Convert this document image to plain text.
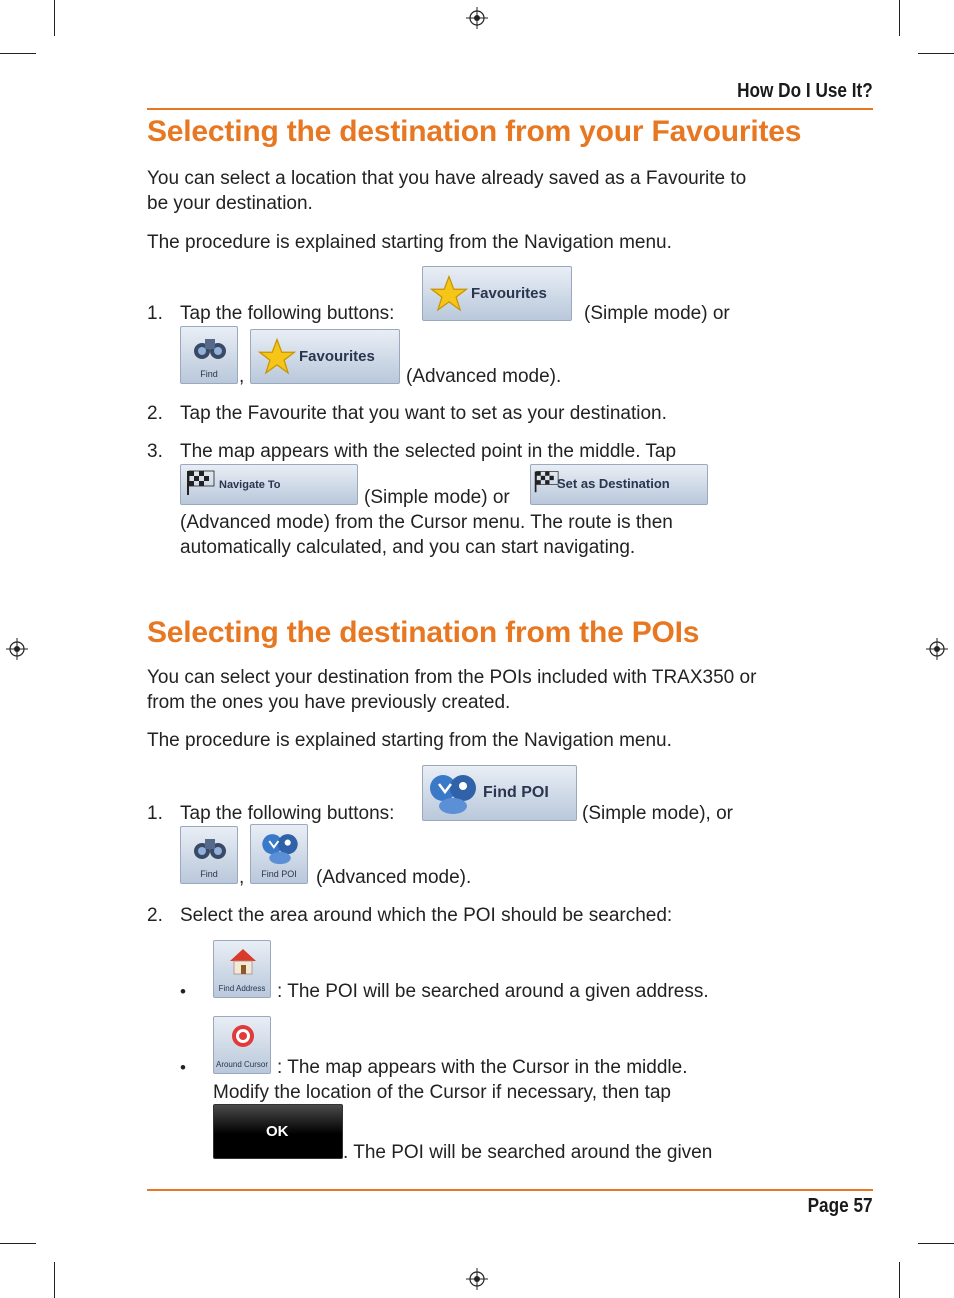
How Do I Use It?
Selecting the destination from your Favourites
You can select a location that you have already saved as a Favourite to
be your destination.
The procedure is explained starting from the Navigation menu.
1. Tap the following buttons:
Favourites
(Simple mode) or
Find	,
Favourites
(Advanced mode).
2. Tap the Favourite that you want to set as your destination.
3. The map appears with the selected point in the middle. Tap
Navigate To
(Simple mode) or
Set as Destination
(Advanced mode) from the Cursor menu. The route is then
automatically calculated, and you can start navigating.
Selecting the destination from the POIs
You can select your destination from the POIs included with TRAX350 or
from the ones you have previously created.
The procedure is explained starting from the Navigation menu.
1. Tap the following buttons:
Find POI
(Simple mode), or
Find	,	Find POI	(Advanced mode).
2. Select the area around which the POI should be searched:
•	Find Address : The POI will be searched around a given address.
•	Around Cursor : The map appears with the Cursor in the middle.
Modify the location of the Cursor if necessary, then tap
OK
. The POI will be searched around the given
Page 57
